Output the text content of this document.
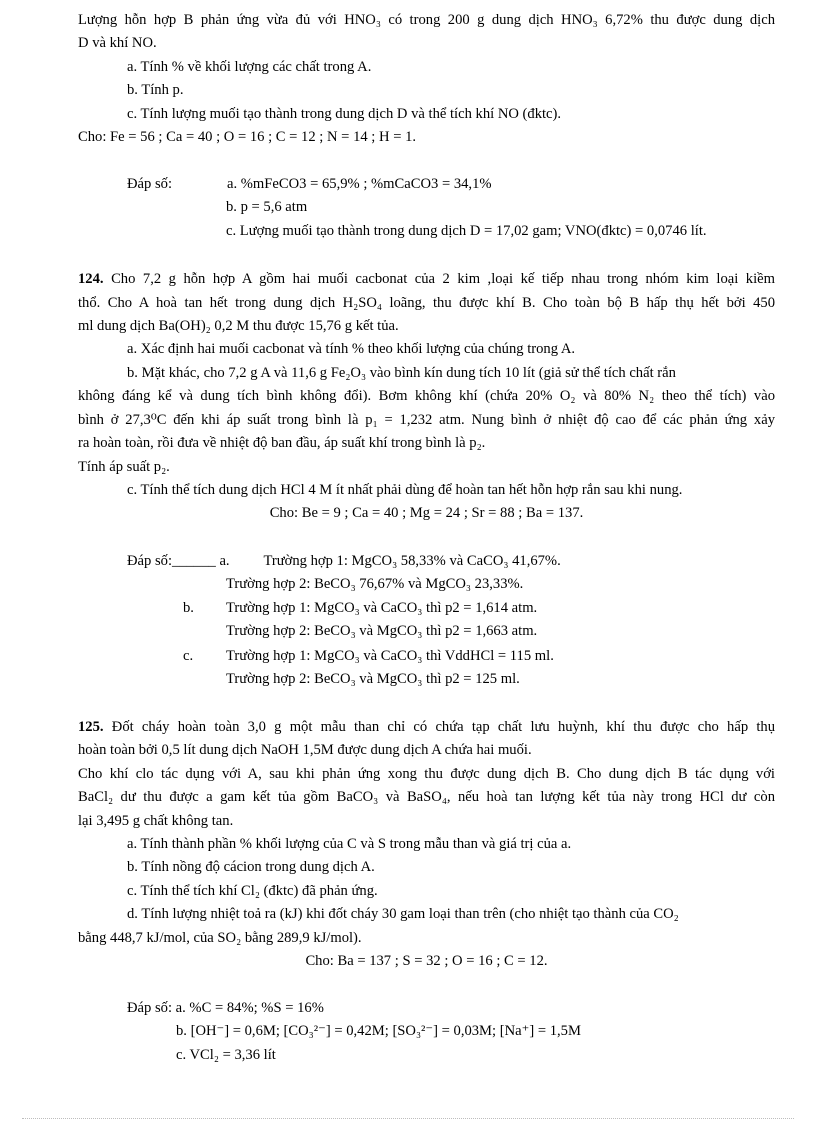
Lượng hỗn hợp B phản ứng vừa đủ với HNO₃ có trong 200 g dung dịch HNO₃ 6,72% thu được dung dịch
D và khí NO.
a. Tính % về khối lượng các chất trong A.
b. Tính p.
c. Tính lượng muối tạo thành trong dung dịch D và thể tích khí NO (đktc).
Cho: Fe = 56 ; Ca = 40 ; O = 16 ; C = 12 ; N = 14 ; H = 1.
Đáp số:	a. %mFeCO3 = 65,9% ; %mCaCO3 = 34,1%
b. p = 5,6 atm
c. Lượng muối tạo thành trong dung dịch D = 17,02 gam; VNO(đktc) = 0,0746 lít.
124. Cho 7,2 g hỗn hợp A gồm hai muối cacbonat của 2 kim ,loại kế tiếp nhau trong nhóm kim loại kiềm
thổ. Cho A hoà tan hết trong dung dịch H₂SO₄ loãng, thu được khí B. Cho toàn bộ B hấp thụ hết bởi 450
ml dung dịch Ba(OH)₂ 0,2 M thu được 15,76 g kết tủa.
a. Xác định hai muối cacbonat và tính % theo khối lượng của chúng trong A.
b. Mặt khác, cho 7,2 g A và 11,6 g Fe₂O₃ vào bình kín dung tích 10 lít (giả sử thể tích chất rắn
không đáng kể và dung tích bình không đổi). Bơm không khí (chứa 20% O₂ và 80% N₂ theo thể tích) vào
bình ở 27,3⁰C đến khi áp suất trong bình là p₁ = 1,232 atm. Nung bình ở nhiệt độ cao để các phản ứng xảy
ra hoàn toàn, rồi đưa về nhiệt độ ban đầu, áp suất khí trong bình là p₂.
Tính áp suất p₂.
c. Tính thể tích dung dịch HCl 4 M ít nhất phải dùng để hoàn tan hết hỗn hợp rắn sau khi nung.
Cho: Be = 9 ; Ca = 40 ; Mg = 24 ; Sr = 88 ; Ba = 137.
Đáp số: ______
a.	Trường hợp 1: MgCO₃ 58,33% và CaCO₃ 41,67%.
Trường hợp 2: BeCO₃ 76,67% và MgCO₃ 23,33%.
b.	Trường hợp 1: MgCO₃ và CaCO₃ thì p2 = 1,614 atm.
Trường hợp 2: BeCO₃ và MgCO₃ thì p2 = 1,663 atm.
c.	Trường hợp 1: MgCO₃ và CaCO₃ thì VddHCl = 115 ml.
Trường hợp 2: BeCO₃ và MgCO₃ thì p2 = 125 ml.
125. Đốt cháy hoàn toàn 3,0 g một mẫu than chỉ có chứa tạp chất lưu huỳnh, khí thu được cho hấp thụ
hoàn toàn bởi 0,5 lít dung dịch NaOH 1,5M được dung dịch A chứa hai muối.
Cho khí clo tác dụng với A, sau khi phản ứng xong thu được dung dịch B. Cho dung dịch B tác dụng với
BaCl₂ dư thu được a gam kết tủa gồm BaCO₃ và BaSO₄, nếu hoà tan lượng kết tủa này trong HCl dư còn
lại 3,495 g chất không tan.
a. Tính thành phần % khối lượng của C và S trong mẫu than và giá trị của a.
b. Tính nồng độ cácion trong dung dịch A.
c. Tính thể tích khí Cl₂ (đktc) đã phản ứng.
d. Tính lượng nhiệt toả ra (kJ) khi đốt cháy 30 gam loại than trên (cho nhiệt tạo thành của CO₂
bằng 448,7 kJ/mol, của SO₂ bằng 289,9 kJ/mol).
Cho: Ba = 137 ; S = 32 ; O = 16 ; C = 12.
Đáp số:
a. %C = 84%; %S = 16%
b. [OH⁻] = 0,6M; [CO₃²⁻] = 0,42M; [SO₃²⁻] = 0,03M; [Na⁺] = 1,5M
c. VCl₂ = 3,36 lít
